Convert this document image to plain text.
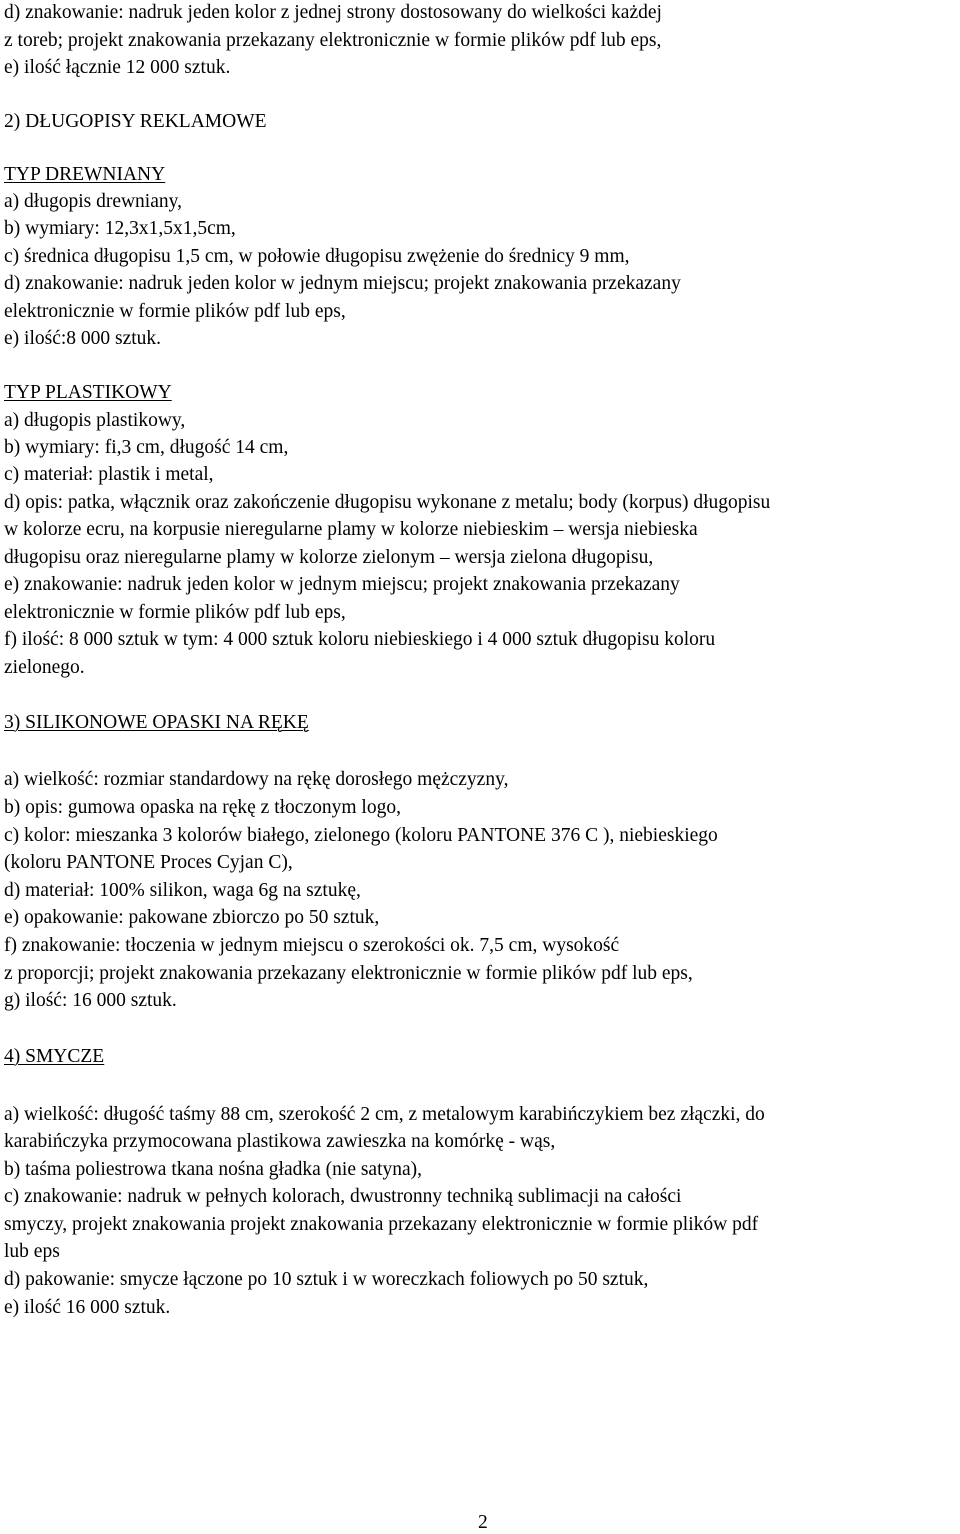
d) znakowanie: nadruk jeden kolor z jednej strony dostosowany do wielkości każdej
z toreb; projekt znakowania przekazany elektronicznie w formie plików pdf lub eps,
e) ilość łącznie 12 000 sztuk.
2) DŁUGOPISY REKLAMOWE
TYP DREWNIANY
a) długopis drewniany,
b) wymiary: 12,3x1,5x1,5cm,
c) średnica długopisu 1,5 cm, w połowie długopisu zwężenie do średnicy 9 mm,
d) znakowanie: nadruk jeden kolor w jednym miejscu; projekt znakowania przekazany
elektronicznie w formie plików pdf lub eps,
e) ilość:8 000 sztuk.
TYP PLASTIKOWY
a) długopis plastikowy,
b) wymiary: fi,3 cm, długość 14 cm,
c) materiał: plastik i metal,
d) opis: patka, włącznik oraz zakończenie długopisu wykonane z metalu; body (korpus) długopisu
w kolorze ecru, na korpusie nieregularne plamy w kolorze niebieskim – wersja niebieska
długopisu oraz nieregularne plamy w kolorze zielonym – wersja zielona długopisu,
e) znakowanie: nadruk jeden kolor w jednym miejscu; projekt znakowania przekazany
elektronicznie w formie plików pdf lub eps,
f) ilość: 8 000 sztuk w tym: 4 000 sztuk koloru niebieskiego i 4 000 sztuk długopisu koloru
zielonego.
3) SILIKONOWE OPASKI NA RĘKĘ
a) wielkość: rozmiar standardowy na rękę dorosłego mężczyzny,
b) opis: gumowa opaska na rękę z tłoczonym logo,
c) kolor: mieszanka 3 kolorów białego, zielonego (koloru PANTONE 376 C ), niebieskiego
(koloru PANTONE Proces Cyjan C),
d) materiał: 100% silikon, waga 6g na sztukę,
e) opakowanie: pakowane zbiorczo po 50 sztuk,
f) znakowanie: tłoczenia w jednym miejscu o szerokości ok. 7,5 cm, wysokość
z proporcji; projekt znakowania przekazany elektronicznie w formie plików pdf lub eps,
g) ilość: 16 000 sztuk.
4) SMYCZE
a) wielkość: długość taśmy 88 cm, szerokość 2 cm, z metalowym karabińczykiem bez złączki, do
karabińczyka przymocowana plastikowa zawieszka na komórkę - wąs,
b) taśma poliestrowa tkana nośna gładka (nie satyna),
c) znakowanie: nadruk w pełnych kolorach, dwustronny techniką sublimacji na całości
smyczy, projekt znakowania projekt znakowania przekazany elektronicznie w formie plików pdf
lub eps
d) pakowanie: smycze łączone po 10 sztuk i w woreczkach foliowych po 50 sztuk,
e) ilość 16 000 sztuk.
2
